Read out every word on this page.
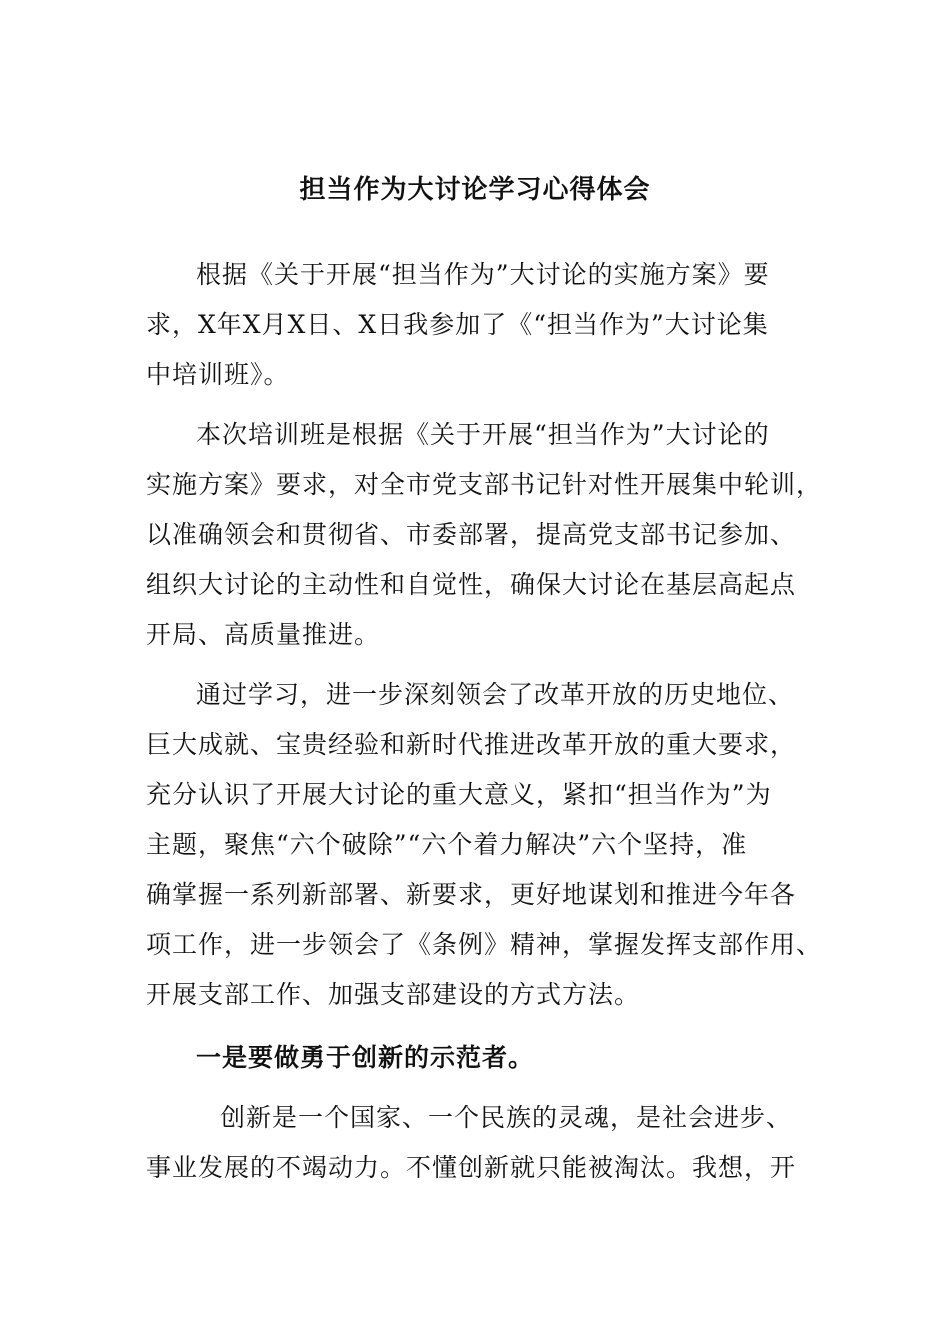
担当作为大讨论学习心得体会
根据《关于开展“担当作为”大讨论的实施方案》要
求，X年X月X日、X日我参加了《“担当作为”大讨论集
中培训班》。
本次培训班是根据《关于开展“担当作为”大讨论的
实施方案》要求，对全市党支部书记针对性开展集中轮训，
以准确领会和贯彻省、市委部署，提高党支部书记参加、
组织大讨论的主动性和自觉性，确保大讨论在基层高起点
开局、高质量推进。
通过学习，进一步深刻领会了改革开放的历史地位、
巨大成就、宝贵经验和新时代推进改革开放的重大要求，
充分认识了开展大讨论的重大意义，紧扣“担当作为”为
主题，聚焦“六个破除”“六个着力解决”六个坚持，准
确掌握一系列新部署、新要求，更好地谋划和推进今年各
项工作，进一步领会了《条例》精神，掌握发挥支部作用、
开展支部工作、加强支部建设的方式方法。
创新是一个国家、一个民族的灵魂，是社会进步、
事业发展的不竭动力。不懂创新就只能被淘汰。我想，开
一是要做勇于创新的示范者。
